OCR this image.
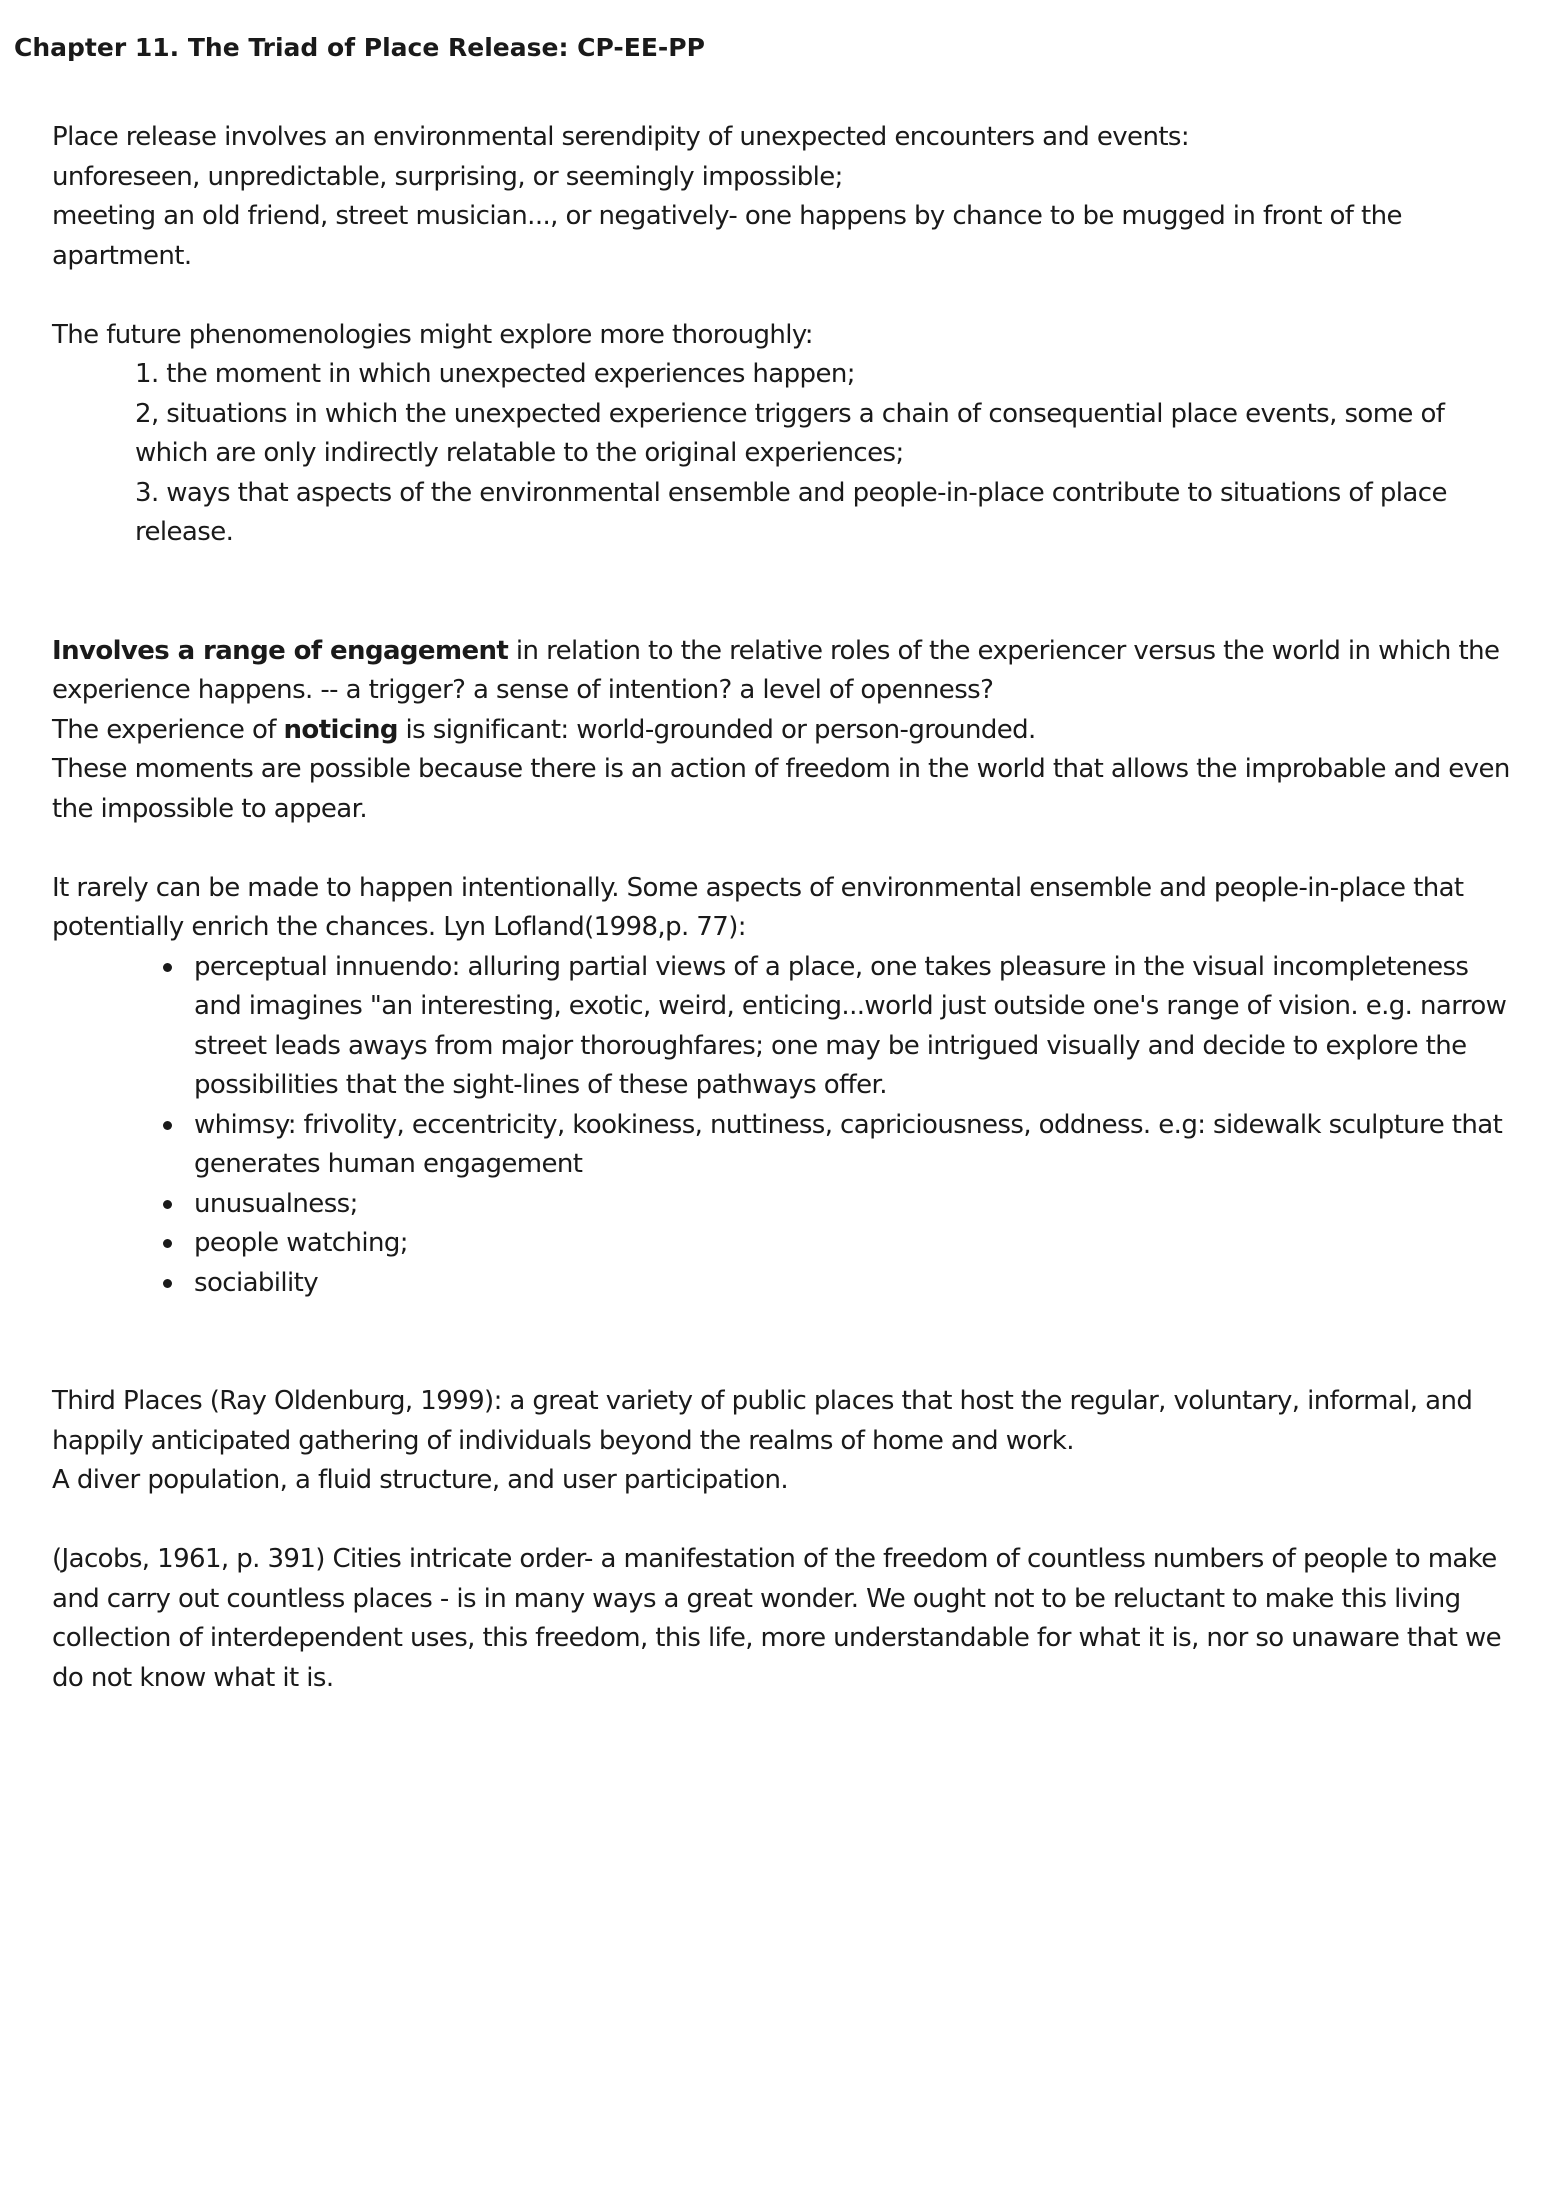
Chapter 11. The Triad of Place Release: CP-EE-PP

Place release involves an environmental serendipity of unexpected encounters and events:

unforeseen, unpredictable, surprising, or seemingly impossible;

meeting an old friend, street musician..., or negatively- one happens by chance to be mugged in front of the apartment.

The future phenomenologies might explore more thoroughly:

1. the moment in which unexpected experiences happen;

2, situations in which the unexpected experience triggers a chain of consequential place events, some of which are only indirectly relatable to the original experiences;

3. ways that aspects of the environmental ensemble and people-in-place contribute to situations of place release.

Involves a range of engagement in relation to the relative roles of the experiencer versus the world in which the experience happens. -- a trigger? a sense of intention? a level of openness?

The experience of noticing is significant: world-grounded or person-grounded.

These moments are possible because there is an action of freedom in the world that allows the improbable and even the impossible to appear.

It rarely can be made to happen intentionally. Some aspects of environmental ensemble and people-in-place that potentially enrich the chances. Lyn Lofland(1998,p. 77):

perceptual innuendo: alluring partial views of a place, one takes pleasure in the visual incompleteness and imagines "an interesting, exotic, weird, enticing...world just outside one's range of vision. e.g. narrow street leads aways from major thoroughfares; one may be intrigued visually and decide to explore the possibilities that the sight-lines of these pathways offer.
whimsy: frivolity, eccentricity, kookiness, nuttiness, capriciousness, oddness. e.g: sidewalk sculpture that generates human engagement
unusualness;
people watching;
sociability

Third Places (Ray Oldenburg, 1999): a great variety of public places that host the regular, voluntary, informal, and happily anticipated gathering of individuals beyond the realms of home and work.

A diver population, a fluid structure, and user participation.

(Jacobs, 1961, p. 391) Cities intricate order- a manifestation of the freedom of countless numbers of people to make and carry out countless places - is in many ways a great wonder. We ought not to be reluctant to make this living collection of interdependent uses, this freedom, this life, more understandable for what it is, nor so unaware that we do not know what it is.
